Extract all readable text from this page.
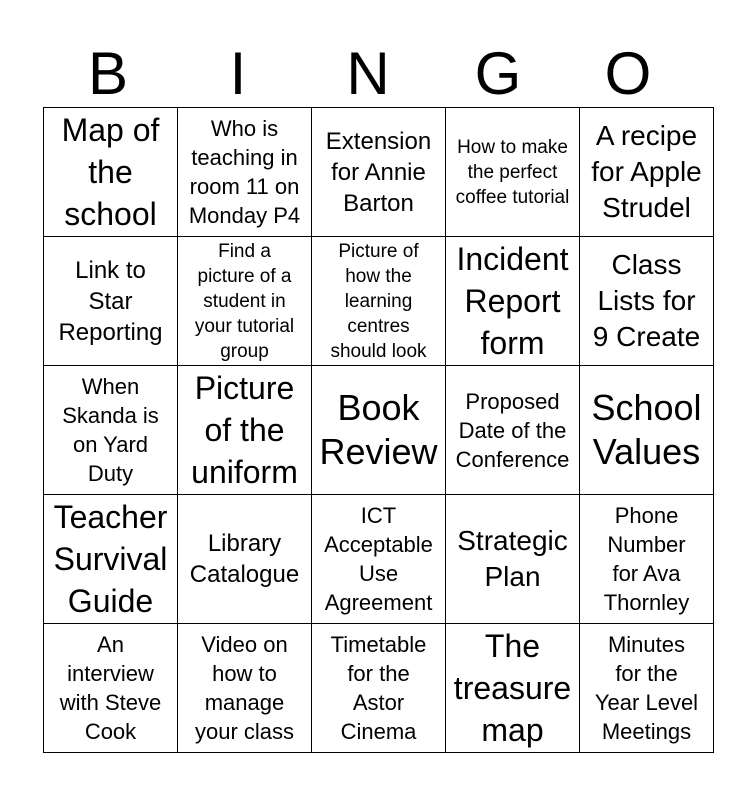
B	I	N	G	O
Map of
the
school	Who is
teaching in
room 11 on
Monday P4	Extension
for Annie
Barton	How to make
the perfect
coffee tutorial	A recipe
for Apple
Strudel

Link to
Star
Reporting	Find a
picture of a
student in
your tutorial
group	Picture of
how the
learning
centres
should look	Incident
Report
form	Class
Lists for
9 Create

When
Skanda is
on Yard
Duty	Picture
of the
uniform	Book
Review	Proposed
Date of the
Conference	School
Values

Teacher
Survival
Guide	Library
Catalogue	ICT
Acceptable
Use
Agreement	Strategic
Plan	Phone
Number
for Ava
Thornley

An
interview
with Steve
Cook	Video on
how to
manage
your class	Timetable
for the
Astor
Cinema	The
treasure
map	Minutes
for the
Year Level
Meetings
